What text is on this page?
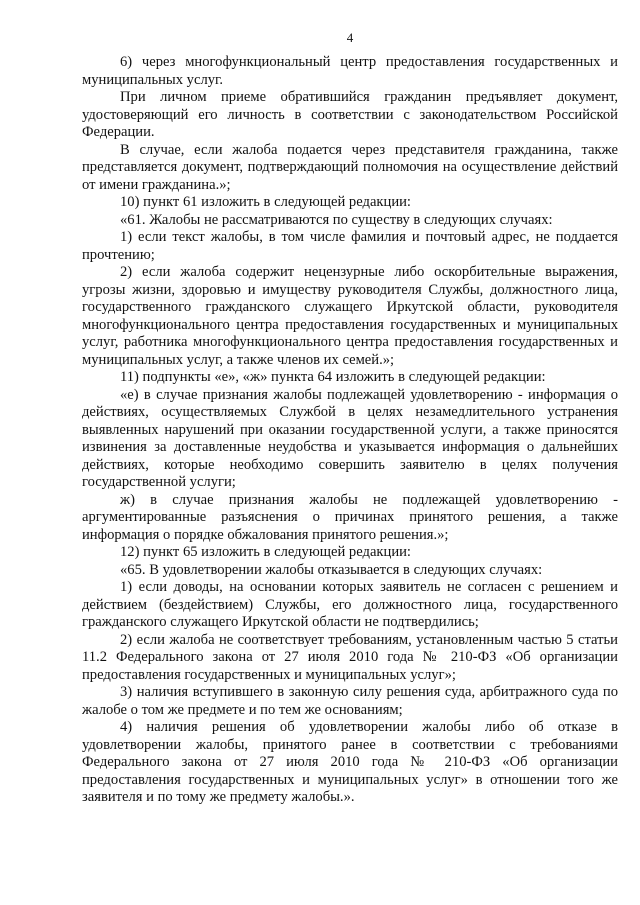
4

6) через многофункциональный центр предоставления государственных и муниципальных услуг.

При личном приеме обратившийся гражданин предъявляет документ, удостоверяющий его личность в соответствии с законодательством Российской Федерации.

В случае, если жалоба подается через представителя гражданина, также представляется документ, подтверждающий полномочия на осуществление действий от имени гражданина.»;

10) пункт 61 изложить в следующей редакции:

«61. Жалобы не рассматриваются по существу в следующих случаях:

1) если текст жалобы, в том числе фамилия и почтовый адрес, не поддается прочтению;

2) если жалоба содержит нецензурные либо оскорбительные выражения, угрозы жизни, здоровью и имуществу руководителя Службы, должностного лица, государственного гражданского служащего Иркутской области, руководителя многофункционального центра предоставления государственных и муниципальных услуг, работника многофункционального центра предоставления государственных и муниципальных услуг, а также членов их семей.»;

11) подпункты «е», «ж» пункта 64 изложить в следующей редакции:

«е) в случае признания жалобы подлежащей удовлетворению - информация о действиях, осуществляемых Службой в целях незамедлительного устранения выявленных нарушений при оказании государственной услуги, а также приносятся извинения за доставленные неудобства и указывается информация о дальнейших действиях, которые необходимо совершить заявителю в целях получения государственной услуги;

ж) в случае признания жалобы не подлежащей удовлетворению - аргументированные разъяснения о причинах принятого решения, а также информация о порядке обжалования принятого решения.»;

12) пункт 65 изложить в следующей редакции:

«65. В удовлетворении жалобы отказывается в следующих случаях:

1) если доводы, на основании которых заявитель не согласен с решением и действием (бездействием) Службы, его должностного лица, государственного гражданского служащего Иркутской области не подтвердились;

2) если жалоба не соответствует требованиям, установленным частью 5 статьи 11.2 Федерального закона от 27 июля 2010 года № 210-ФЗ «Об организации предоставления государственных и муниципальных услуг»;

3) наличия вступившего в законную силу решения суда, арбитражного суда по жалобе о том же предмете и по тем же основаниям;

4) наличия решения об удовлетворении жалобы либо об отказе в удовлетворении жалобы, принятого ранее в соответствии с требованиями Федерального закона от 27 июля 2010 года № 210-ФЗ «Об организации предоставления государственных и муниципальных услуг» в отношении того же заявителя и по тому же предмету жалобы.».
